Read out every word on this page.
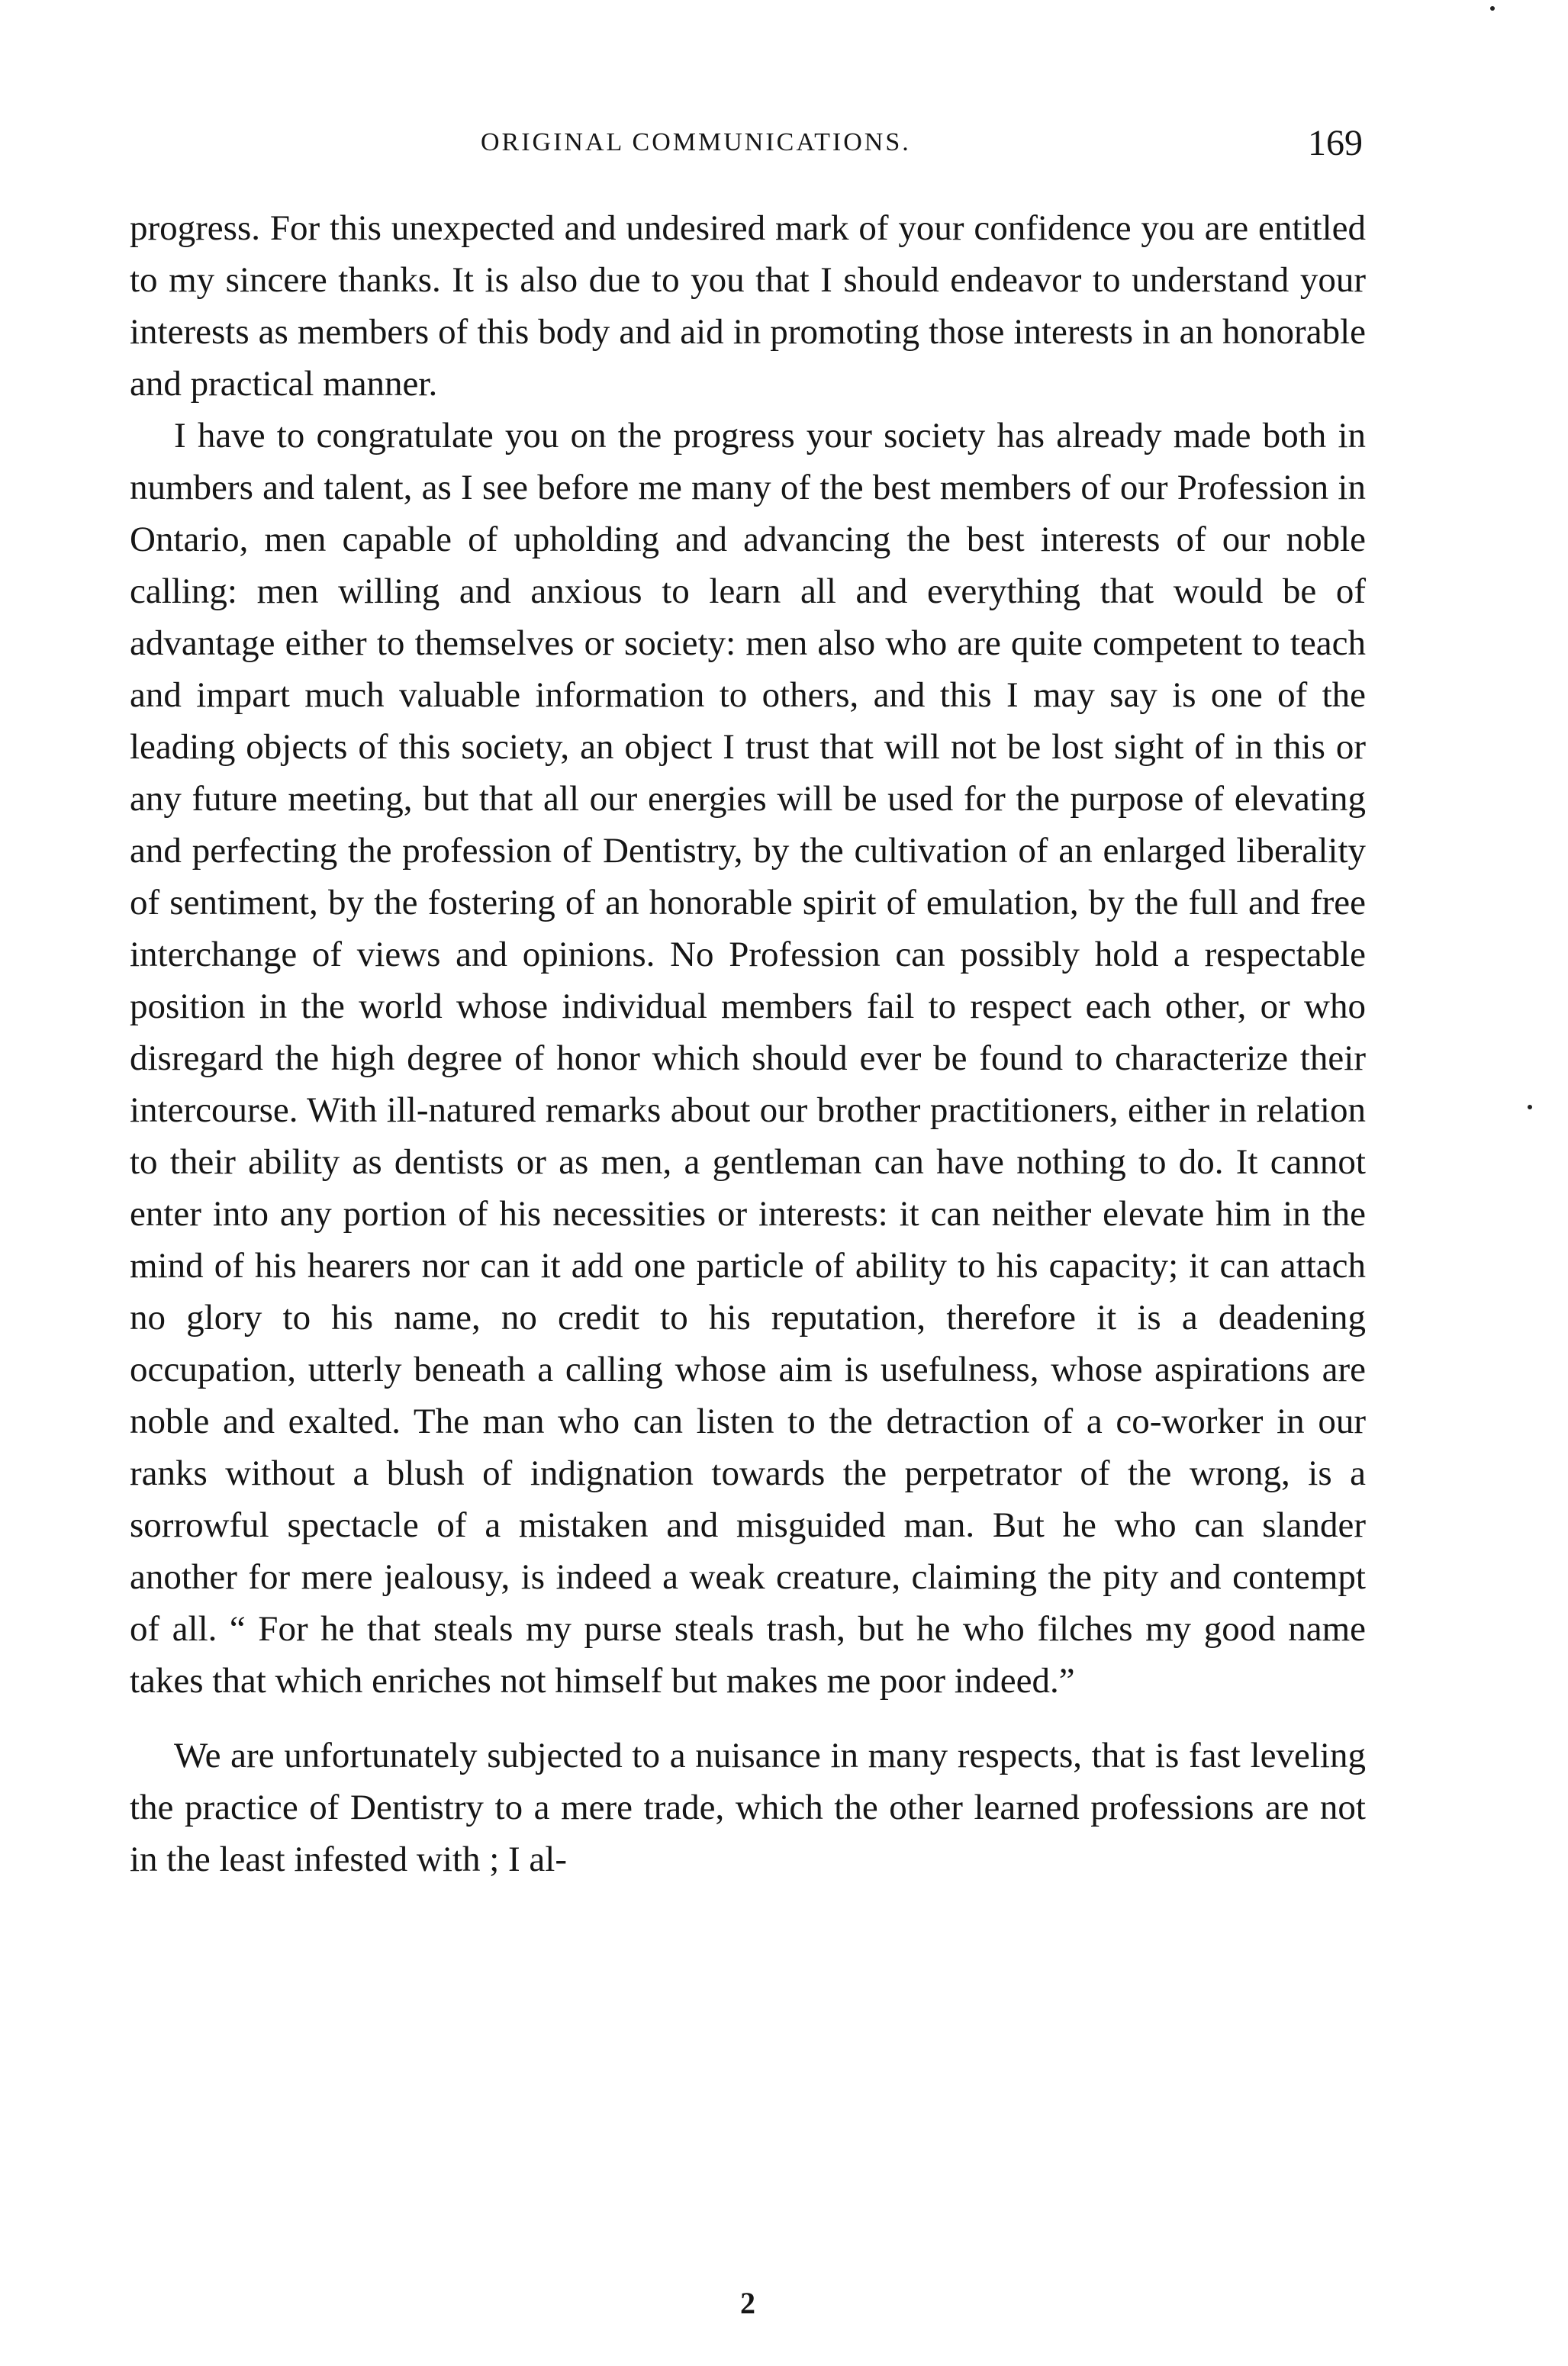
ORIGINAL COMMUNICATIONS.	169

progress. For this unexpected and undesired mark of your confidence you are entitled to my sincere thanks. It is also due to you that I should endeavor to understand your interests as members of this body and aid in promoting those interests in an honorable and practical manner.

I have to congratulate you on the progress your society has already made both in numbers and talent, as I see before me many of the best members of our Profession in Ontario, men capable of upholding and advancing the best interests of our noble calling: men willing and anxious to learn all and everything that would be of advantage either to themselves or society: men also who are quite competent to teach and impart much valuable information to others, and this I may say is one of the leading objects of this society, an object I trust that will not be lost sight of in this or any future meeting, but that all our energies will be used for the purpose of elevating and perfecting the profession of Dentistry, by the cultivation of an enlarged liberality of sentiment, by the fostering of an honorable spirit of emulation, by the full and free interchange of views and opinions. No Profession can possibly hold a respectable position in the world whose individual members fail to respect each other, or who disregard the high degree of honor which should ever be found to characterize their intercourse. With ill-natured remarks about our brother practitioners, either in relation to their ability as dentists or as men, a gentleman can have nothing to do. It cannot enter into any portion of his necessities or interests: it can neither elevate him in the mind of his hearers nor can it add one particle of ability to his capacity; it can attach no glory to his name, no credit to his reputation, therefore it is a deadening occupation, utterly beneath a calling whose aim is usefulness, whose aspirations are noble and exalted. The man who can listen to the detraction of a co-worker in our ranks without a blush of indignation towards the perpetrator of the wrong, is a sorrowful spectacle of a mistaken and misguided man. But he who can slander another for mere jealousy, is indeed a weak creature, claiming the pity and contempt of all. “ For he that steals my purse steals trash, but he who filches my good name takes that which enriches not himself but makes me poor indeed.”

We are unfortunately subjected to a nuisance in many respects, that is fast leveling the practice of Dentistry to a mere trade, which the other learned professions are not in the least infested with ; I al-

2
